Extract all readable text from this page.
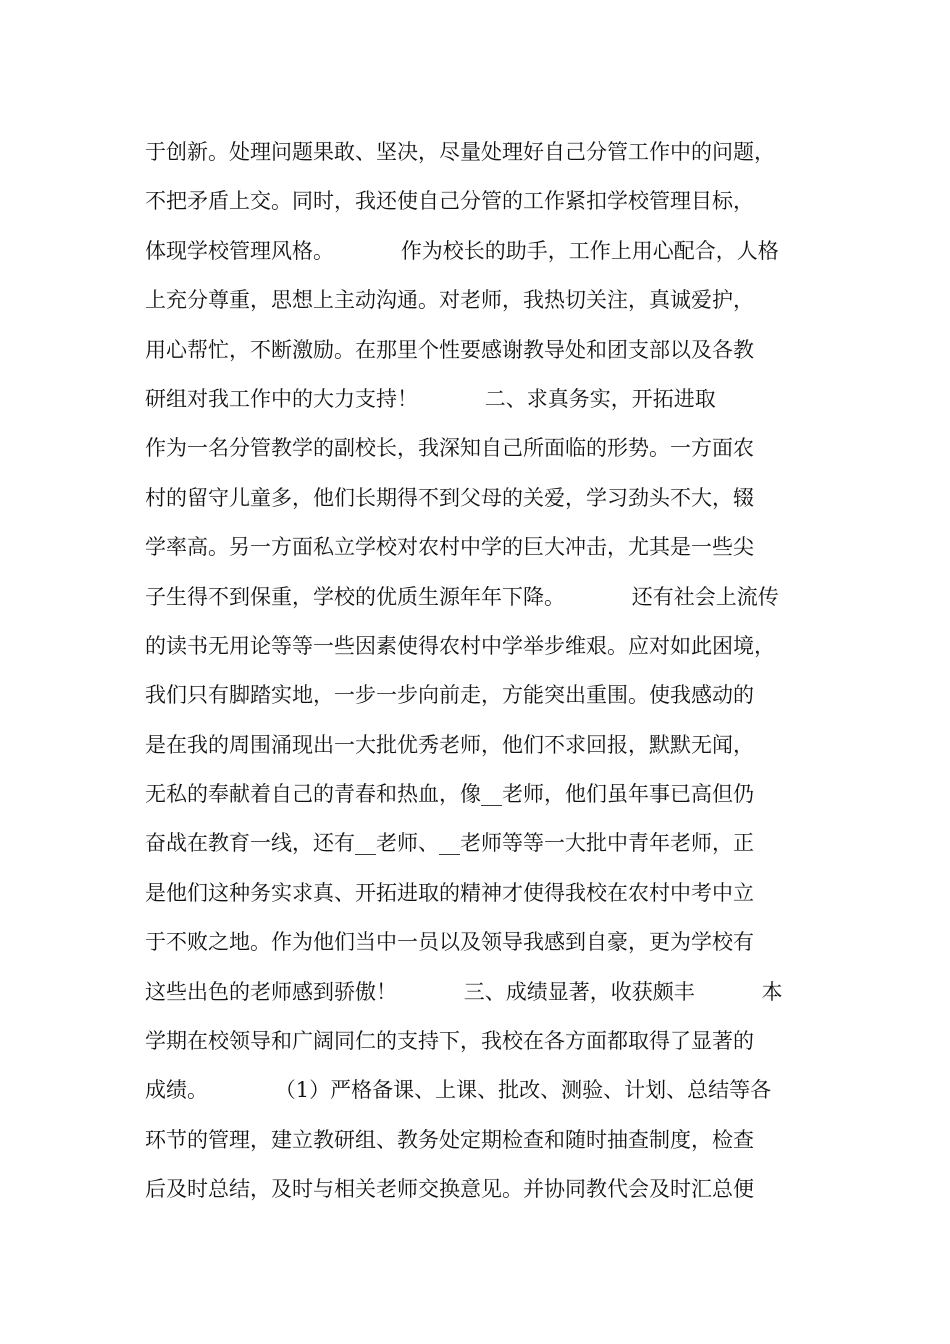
于创新。处理问题果敢、坚决，尽量处理好自己分管工作中的问题，
不把矛盾上交。同时，我还使自己分管的工作紧扣学校管理目标，
体现学校管理风格。          作为校长的助手，工作上用心配合，人格
上充分尊重，思想上主动沟通。对老师，我热切关注，真诚爱护，
用心帮忙，不断激励。在那里个性要感谢教导处和团支部以及各教
研组对我工作中的大力支持！          二、求真务实，开拓进取
作为一名分管教学的副校长，我深知自己所面临的形势。一方面农
村的留守儿童多，他们长期得不到父母的关爱，学习劲头不大，辍
学率高。另一方面私立学校对农村中学的巨大冲击，尤其是一些尖
子生得不到保重，学校的优质生源年年下降。          还有社会上流传
的读书无用论等等一些因素使得农村中学举步维艰。应对如此困境，
我们只有脚踏实地，一步一步向前走，方能突出重围。使我感动的
是在我的周围涌现出一大批优秀老师，他们不求回报，默默无闻，
无私的奉献着自己的青春和热血，像__老师，他们虽年事已高但仍
奋战在教育一线，还有__老师、__老师等等一大批中青年老师，正
是他们这种务实求真、开拓进取的精神才使得我校在农村中考中立
于不败之地。作为他们当中一员以及领导我感到自豪，更为学校有
这些出色的老师感到骄傲！          三、成绩显著，收获颇丰          本
学期在校领导和广阔同仁的支持下，我校在各方面都取得了显著的
成绩。          （1）严格备课、上课、批改、测验、计划、总结等各
环节的管理，建立教研组、教务处定期检查和随时抽查制度，检查
后及时总结，及时与相关老师交换意见。并协同教代会及时汇总便
